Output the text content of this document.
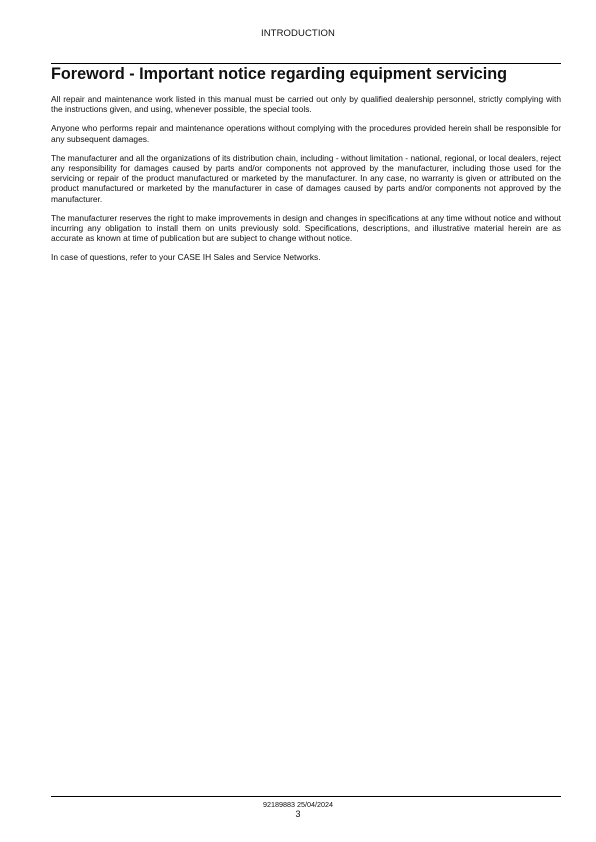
INTRODUCTION
Foreword - Important notice regarding equipment servicing

All repair and maintenance work listed in this manual must be carried out only by qualified dealership personnel, strictly complying with the instructions given, and using, whenever possible, the special tools.

Anyone who performs repair and maintenance operations without complying with the procedures provided herein shall be responsible for any subsequent damages.

The manufacturer and all the organizations of its distribution chain, including - without limitation - national, regional, or local dealers, reject any responsibility for damages caused by parts and/or components not approved by the manufacturer, including those used for the servicing or repair of the product manufactured or marketed by the manufacturer. In any case, no warranty is given or attributed on the product manufactured or marketed by the manufacturer in case of damages caused by parts and/or components not approved by the manufacturer.

The manufacturer reserves the right to make improvements in design and changes in specifications at any time without notice and without incurring any obligation to install them on units previously sold. Specifications, descriptions, and illustrative material herein are as accurate as known at time of publication but are subject to change without notice.

In case of questions, refer to your CASE IH Sales and Service Networks.

92189883 25/04/2024
3
